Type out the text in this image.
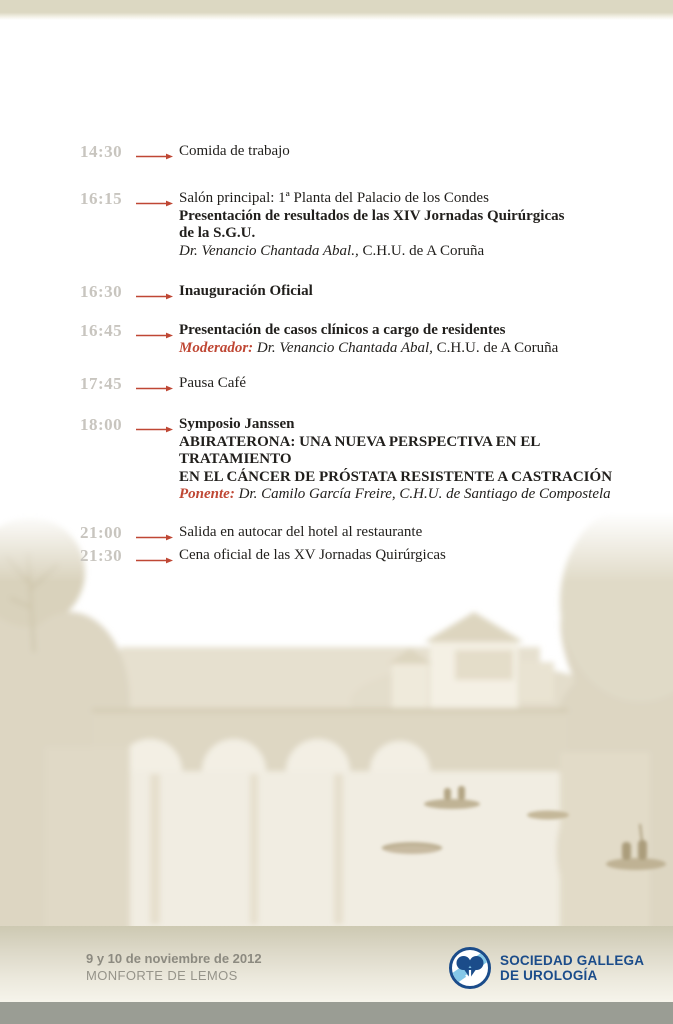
14:30	Comida de trabajo
16:15	Salón principal: 1ª Planta del Palacio de los Condes
Presentación de resultados de las XIV Jornadas Quirúrgicas
de la S.G.U.
Dr. Venancio Chantada Abal., C.H.U. de A Coruña
16:30	Inauguración Oficial
16:45	Presentación de casos clínicos a cargo de residentes
Moderador: Dr. Venancio Chantada Abal, C.H.U. de A Coruña
17:45	Pausa Café
18:00	Symposio Janssen
ABIRATERONA: UNA NUEVA PERSPECTIVA EN EL TRATAMIENTO
EN EL CÁNCER DE PRÓSTATA RESISTENTE A CASTRACIÓN
Ponente: Dr. Camilo García Freire, C.H.U. de Santiago de Compostela
21:00	Salida en autocar del hotel al restaurante
21:30	Cena oficial de las XV Jornadas Quirúrgicas
9 y 10 de noviembre de 2012
MONFORTE DE LEMOS
SOCIEDAD GALLEGA
DE UROLOGÍA
